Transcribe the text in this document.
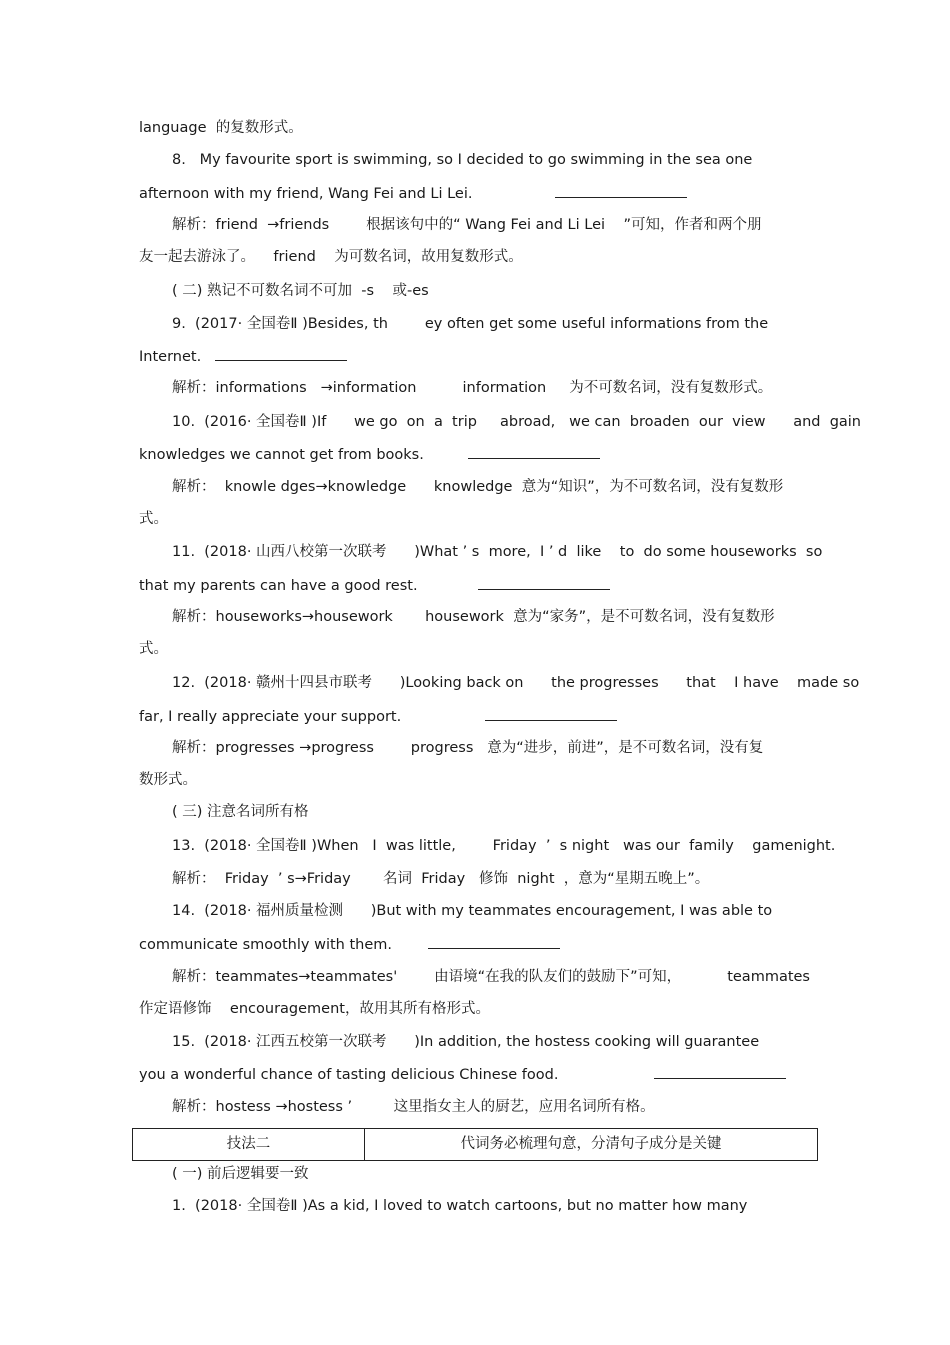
language  的复数形式。
8.   My favourite sport is swimming, so I decided to go swimming in the sea one
afternoon with my friend, Wang Fei and Li Lei.
解析：friend  →friends        根据该句中的“ Wang Fei and Li Lei    ”可知，作者和两个朋
友一起去游泳了。    friend    为可数名词，故用复数形式。
( 二) 熟记不可数名词不可加  -s    或-es
9.  (2017· 全国卷Ⅱ )Besides, th        ey often get some useful informations from the
Internet.
解析：informations   →information          information     为不可数名词，没有复数形式。
10.  (2016· 全国卷Ⅱ )If      we go  on  a  trip     abroad,   we can  broaden  our  view      and  gain
knowledges we cannot get from books.
解析：  knowle dges→knowledge      knowledge  意为“知识”，为不可数名词，没有复数形
式。
11.  (2018· 山西八校第一次联考      )What ’ s  more,  I ’ d  like    to  do some houseworks  so
that my parents can have a good rest.
解析：houseworks→housework       housework  意为“家务”，是不可数名词，没有复数形
式。
12.  (2018· 赣州十四县市联考      )Looking back on      the progresses      that    I have    made so
far, I really appreciate your support.
解析：progresses →progress        progress   意为“进步，前进”，是不可数名词，没有复
数形式。
( 三) 注意名词所有格
13.  (2018· 全国卷Ⅱ )When   I  was little,        Friday  ’  s night   was our  family    gamenight.
解析：  Friday  ’ s→Friday       名词  Friday   修饰  night  ，意为“星期五晚上”。
14.  (2018· 福州质量检测      )But with my teammates encouragement, I was able to
communicate smoothly with them.
解析：teammates→teammates'        由语境“在我的队友们的鼓励下”可知，          teammates
作定语修饰    encouragement，故用其所有格形式。
15.  (2018· 江西五校第一次联考      )In addition, the hostess cooking will guarantee
you a wonderful chance of tasting delicious Chinese food.
解析：hostess →hostess ’         这里指女主人的厨艺，应用名词所有格。
技法二	代词务必梳理句意，分清句子成分是关键
( 一) 前后逻辑要一致
1.  (2018· 全国卷Ⅱ )As a kid, I loved to watch cartoons, but no matter how many
